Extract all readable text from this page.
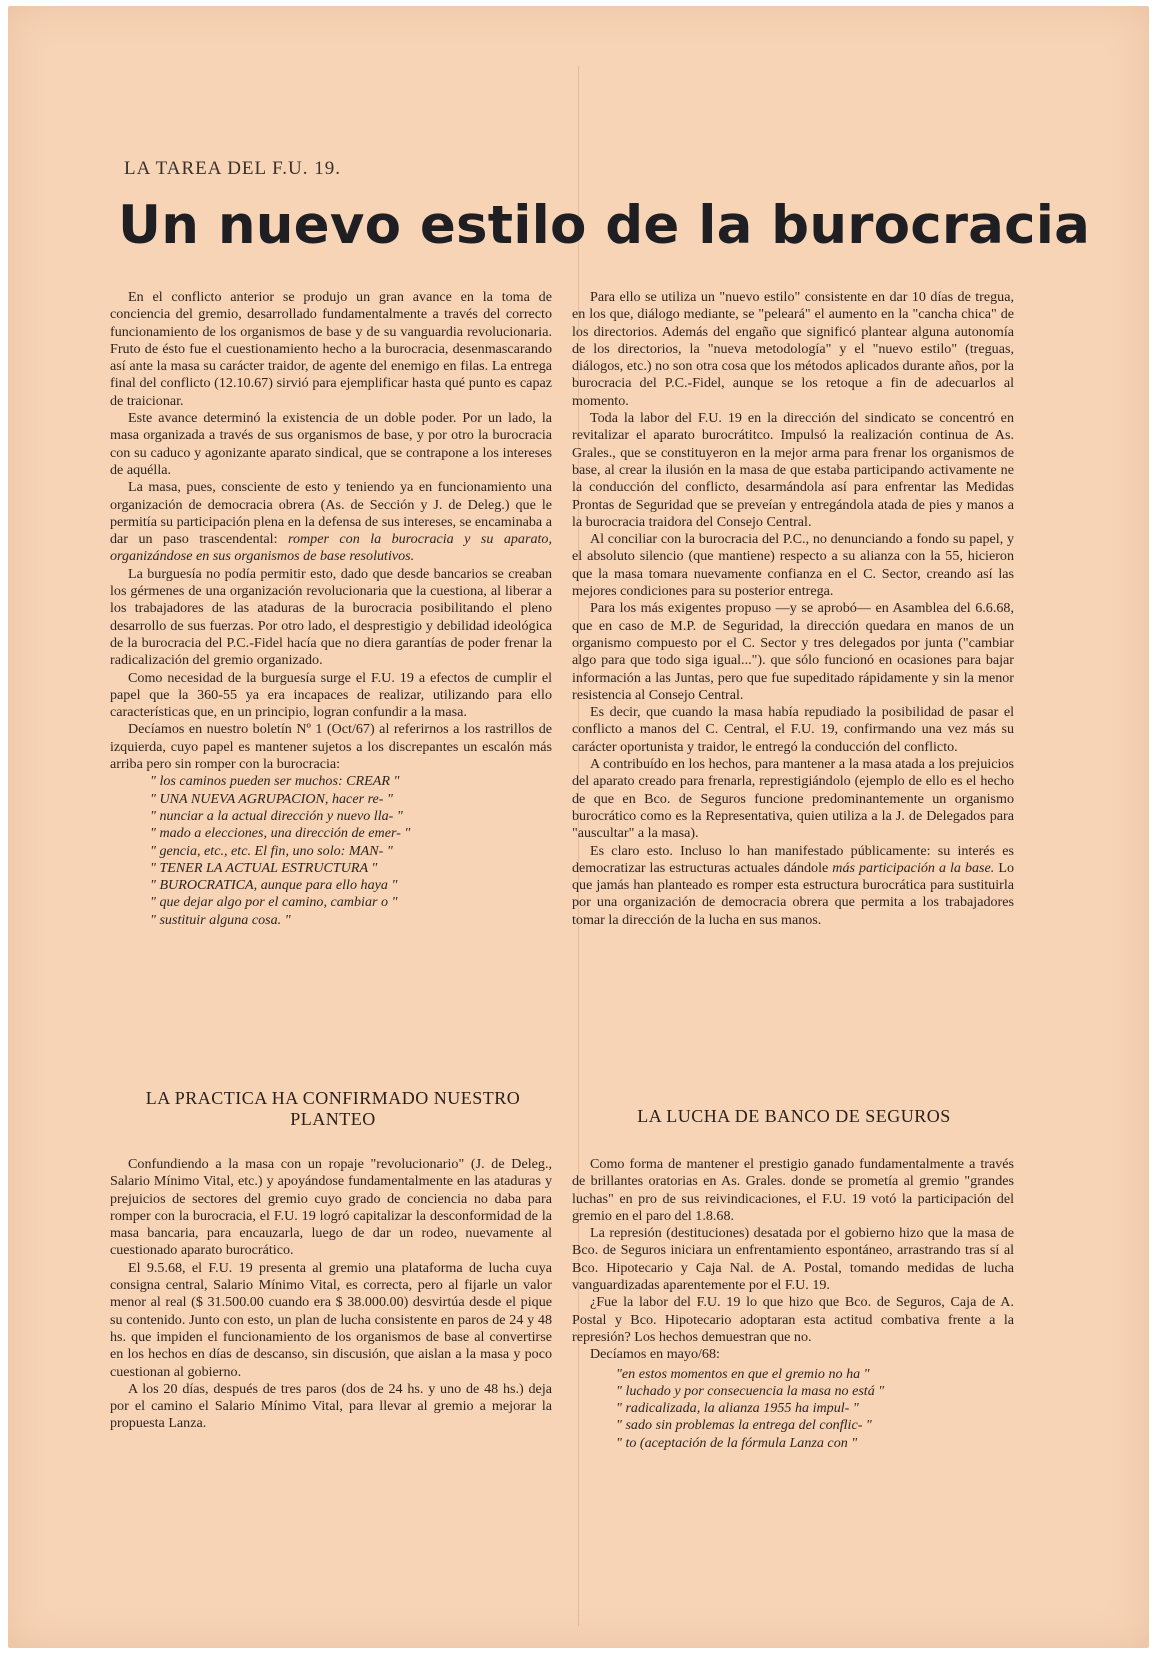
LA TAREA DEL F.U. 19.
Un nuevo estilo de la burocracia

En el conflicto anterior se produjo un gran avance en la toma de conciencia del gremio, desarrollado fundamentalmente a través del correcto funcionamiento de los organismos de base y de su vanguardia revolucionaria. Fruto de ésto fue el cuestionamiento hecho a la burocracia, desenmascarando así ante la masa su carácter traidor, de agente del enemigo en filas. La entrega final del conflicto (12.10.67) sirvió para ejemplificar hasta qué punto es capaz de traicionar.

Este avance determinó la existencia de un doble poder. Por un lado, la masa organizada a través de sus organismos de base, y por otro la burocracia con su caduco y agonizante aparato sindical, que se contrapone a los intereses de aquélla.

La masa, pues, consciente de esto y teniendo ya en funcionamiento una organización de democracia obrera (As. de Sección y J. de Deleg.) que le permitía su participación plena en la defensa de sus intereses, se encaminaba a dar un paso trascendental: romper con la burocracia y su aparato, organizándose en sus organismos de base resolutivos.

La burguesía no podía permitir esto, dado que desde bancarios se creaban los gérmenes de una organización revolucionaria que la cuestiona, al liberar a los trabajadores de las ataduras de la burocracia posibilitando el pleno desarrollo de sus fuerzas. Por otro lado, el desprestigio y debilidad ideológica de la burocracia del P.C.-Fidel hacía que no diera garantías de poder frenar la radicalización del gremio organizado.

Como necesidad de la burguesía surge el F.U. 19 a efectos de cumplir el papel que la 360-55 ya era incapaces de realizar, utilizando para ello características que, en un principio, logran confundir a la masa.

Decíamos en nuestro boletín Nº 1 (Oct/67) al referirnos a los rastrillos de izquierda, cuyo papel es mantener sujetos a los discrepantes un escalón más arriba pero sin romper con la burocracia:

" los caminos pueden ser muchos: CREAR "
" UNA NUEVA AGRUPACION, hacer re- "
" nunciar a la actual dirección y nuevo lla- "
" mado a elecciones, una dirección de emer- "
" gencia, etc., etc. El fin, uno solo: MAN- "
" TENER LA ACTUAL ESTRUCTURA "
" BUROCRATICA, aunque para ello haya "
" que dejar algo por el camino, cambiar o "
" sustituir alguna cosa. "

Para ello se utiliza un "nuevo estilo" consistente en dar 10 días de tregua, en los que, diálogo mediante, se "peleará" el aumento en la "cancha chica" de los directorios. Además del engaño que significó plantear alguna autonomía de los directorios, la "nueva metodología" y el "nuevo estilo" (treguas, diálogos, etc.) no son otra cosa que los métodos aplicados durante años, por la burocracia del P.C.-Fidel, aunque se los retoque a fin de adecuarlos al momento.

Toda la labor del F.U. 19 en la dirección del sindicato se concentró en revitalizar el aparato burocrátitco. Impulsó la realización continua de As. Grales., que se constituyeron en la mejor arma para frenar los organismos de base, al crear la ilusión en la masa de que estaba participando activamente ne la conducción del conflicto, desarmándola así para enfrentar las Medidas Prontas de Seguridad que se preveían y entregándola atada de pies y manos a la burocracia traidora del Consejo Central.

Al conciliar con la burocracia del P.C., no denunciando a fondo su papel, y el absoluto silencio (que mantiene) respecto a su alianza con la 55, hicieron que la masa tomara nuevamente confianza en el C. Sector, creando así las mejores condiciones para su posterior entrega.

Para los más exigentes propuso —y se aprobó— en Asamblea del 6.6.68, que en caso de M.P. de Seguridad, la dirección quedara en manos de un organismo compuesto por el C. Sector y tres delegados por junta ("cambiar algo para que todo siga igual..."). que sólo funcionó en ocasiones para bajar información a las Juntas, pero que fue supeditado rápidamente y sin la menor resistencia al Consejo Central.

Es decir, que cuando la masa había repudiado la posibilidad de pasar el conflicto a manos del C. Central, el F.U. 19, confirmando una vez más su carácter oportunista y traidor, le entregó la conducción del conflicto.

A contribuído en los hechos, para mantener a la masa atada a los prejuicios del aparato creado para frenarla, represtigiándolo (ejemplo de ello es el hecho de que en Bco. de Seguros funcione predominantemente un organismo burocrático como es la Representativa, quien utiliza a la J. de Delegados para "auscultar" a la masa).

Es claro esto. Incluso lo han manifestado públicamente: su interés es democratizar las estructuras actuales dándole más participación a la base. Lo que jamás han planteado es romper esta estructura burocrática para sustituirla por una organización de democracia obrera que permita a los trabajadores tomar la dirección de la lucha en sus manos.

LA PRACTICA HA CONFIRMADO NUESTRO PLANTEO

Confundiendo a la masa con un ropaje "revolucionario" (J. de Deleg., Salario Mínimo Vital, etc.) y apoyándose fundamentalmente en las ataduras y prejuicios de sectores del gremio cuyo grado de conciencia no daba para romper con la burocracia, el F.U. 19 logró capitalizar la desconformidad de la masa bancaria, para encauzarla, luego de dar un rodeo, nuevamente al cuestionado aparato burocrático.

El 9.5.68, el F.U. 19 presenta al gremio una plataforma de lucha cuya consigna central, Salario Mínimo Vital, es correcta, pero al fijarle un valor menor al real ($ 31.500.00 cuando era $ 38.000.00) desvirtúa desde el pique su contenido. Junto con esto, un plan de lucha consistente en paros de 24 y 48 hs. que impiden el funcionamiento de los organismos de base al convertirse en los hechos en días de descanso, sin discusión, que aislan a la masa y poco cuestionan al gobierno.

A los 20 días, después de tres paros (dos de 24 hs. y uno de 48 hs.) deja por el camino el Salario Mínimo Vital, para llevar al gremio a mejorar la propuesta Lanza.

LA LUCHA DE BANCO DE SEGUROS

Como forma de mantener el prestigio ganado fundamentalmente a través de brillantes oratorias en As. Grales. donde se prometía al gremio "grandes luchas" en pro de sus reivindicaciones, el F.U. 19 votó la participación del gremio en el paro del 1.8.68.

La represión (destituciones) desatada por el gobierno hizo que la masa de Bco. de Seguros iniciara un enfrentamiento espontáneo, arrastrando tras sí al Bco. Hipotecario y Caja Nal. de A. Postal, tomando medidas de lucha vanguardizadas aparentemente por el F.U. 19.

¿Fue la labor del F.U. 19 lo que hizo que Bco. de Seguros, Caja de A. Postal y Bco. Hipotecario adoptaran esta actitud combativa frente a la represión? Los hechos demuestran que no.

Decíamos en mayo/68:

"en estos momentos en que el gremio no ha "
" luchado y por consecuencia la masa no está "
" radicalizada, la alianza 1955 ha impul- "
" sado sin problemas la entrega del conflic- "
" to (aceptación de la fórmula Lanza con "
